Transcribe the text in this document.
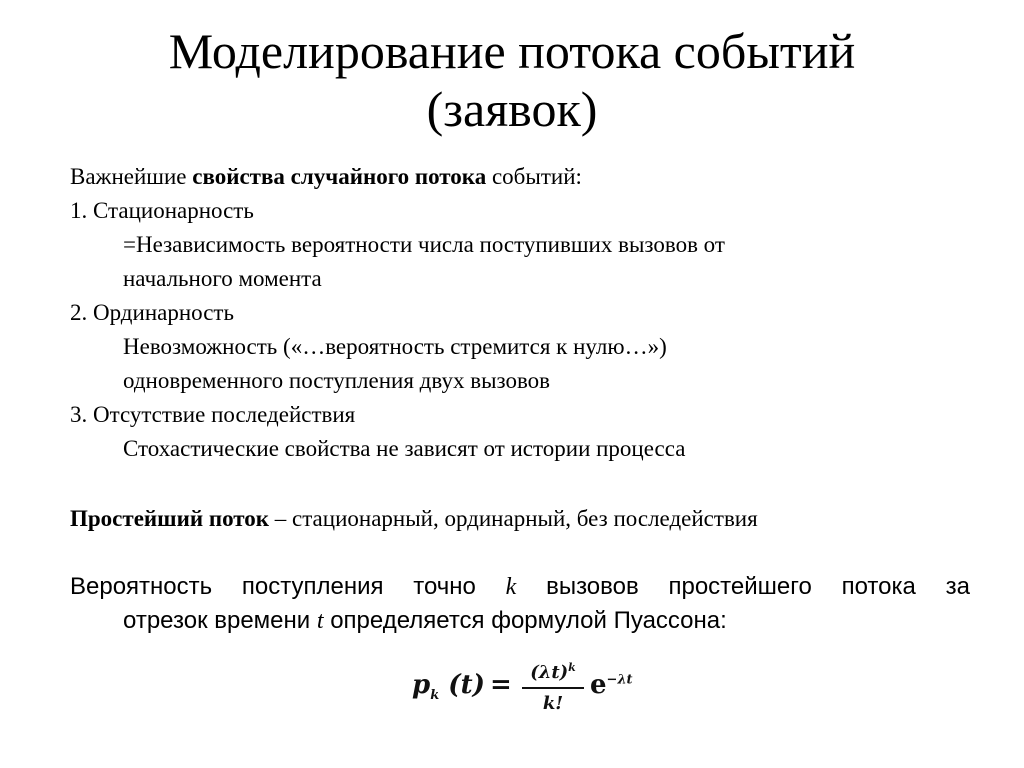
Моделирование потока событий
(заявок)
Важнейшие свойства случайного потока событий:
1. Стационарность
=Независимость вероятности числа поступивших вызовов от
начального момента
2. Ординарность
Невозможность («…вероятность стремится к нулю…»)
одновременного поступления двух вызовов
3. Отсутствие последействия
Стохастические свойства не зависят от истории процесса
Простейший поток – стационарный, ординарный, без последействия
Вероятность поступления точно k вызовов простейшего потока за
отрезок времени t определяется формулой Пуассона:
$p_k$ (t) =	$(\lambda t)^k$
k!
$e^{-\lambda t}$
